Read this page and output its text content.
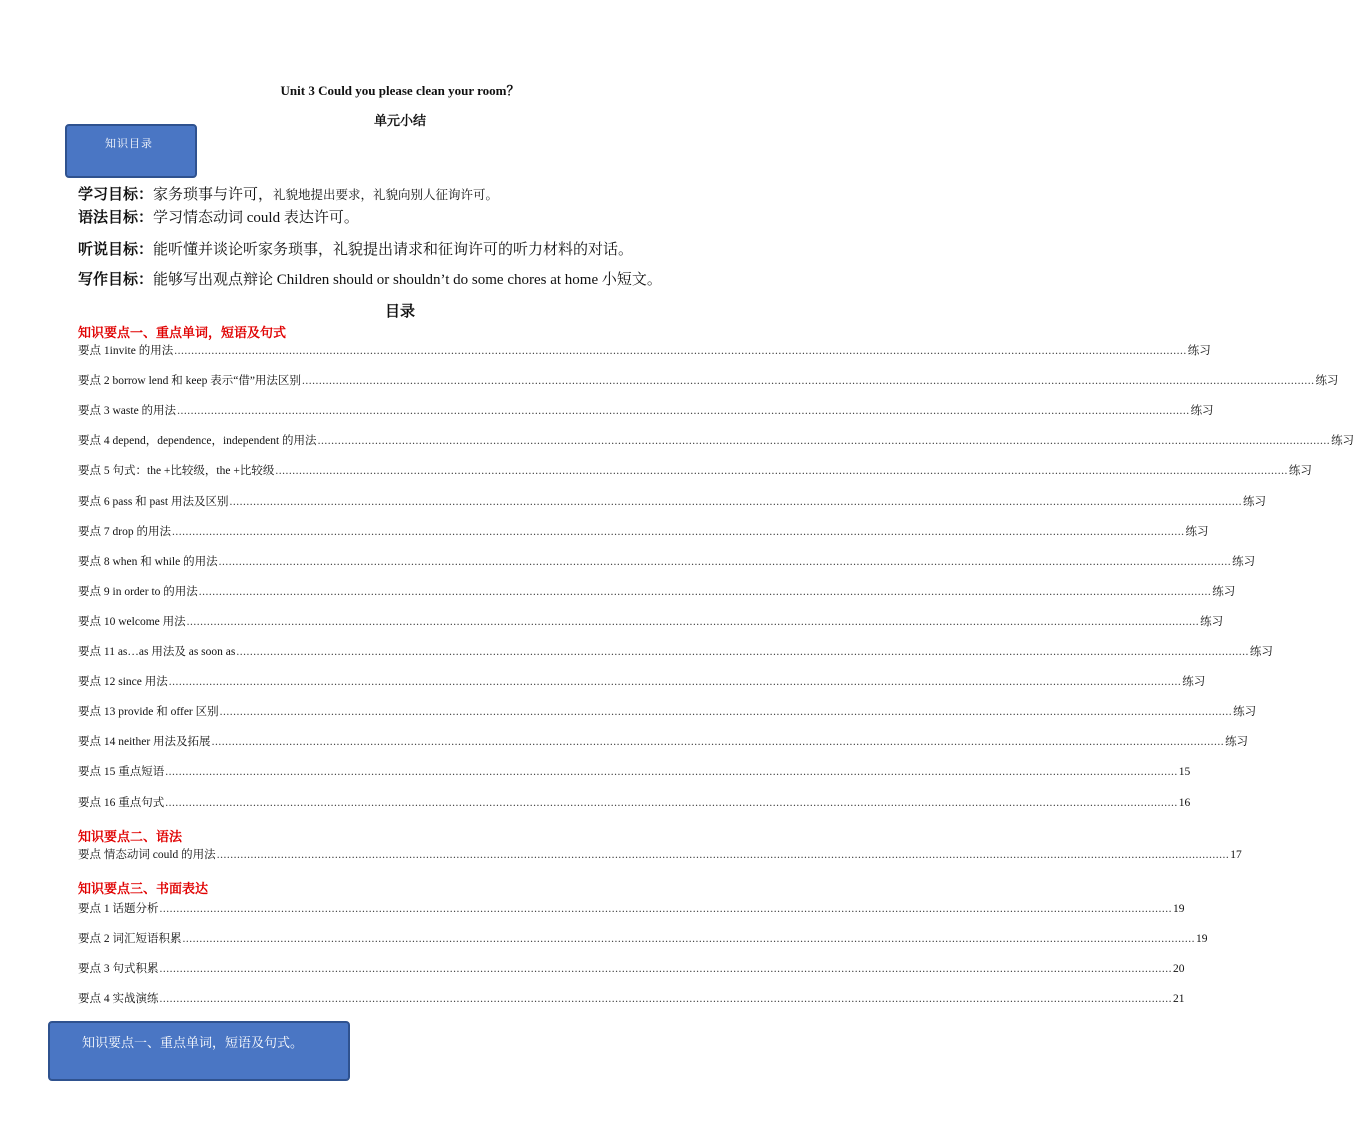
Unit 3 Could you please clean your room？
单元小结
知识目录
学习目标：家务琐事与许可，礼貌地提出要求，礼貌向别人征询许可。
语法目标：学习情态动词 could 表达许可。
听说目标：能听懂并谈论听家务琐事，礼貌提出请求和征询许可的听力材料的对话。
写作目标：能够写出观点辩论 Children should or shouldn’t do some chores at home 小短文。
目录
知识要点一、重点单词，短语及句式
要点 1invite 的用法 ............................................................................................................................................................................................................................................................................................................ 练习
要点 2 borrow lend 和 keep 表示“借”用法区别 ............................................................................................................................................................................................................................................................................................................ 练习
要点 3 waste 的用法 ............................................................................................................................................................................................................................................................................................................ 练习
要点 4 depend，dependence，independent 的用法 ............................................................................................................................................................................................................................................................................................................ 练习
要点 5 句式：the +比较级，the +比较级 ............................................................................................................................................................................................................................................................................................................ 练习
要点 6 pass 和 past 用法及区别 ............................................................................................................................................................................................................................................................................................................ 练习
要点 7 drop 的用法 ............................................................................................................................................................................................................................................................................................................ 练习
要点 8 when 和 while 的用法 ............................................................................................................................................................................................................................................................................................................ 练习
要点 9 in order to 的用法 ............................................................................................................................................................................................................................................................................................................ 练习
要点 10 welcome 用法 ............................................................................................................................................................................................................................................................................................................ 练习
要点 11 as…as 用法及 as soon as ............................................................................................................................................................................................................................................................................................................ 练习
要点 12 since 用法 ............................................................................................................................................................................................................................................................................................................ 练习
要点 13 provide 和 offer 区别 ............................................................................................................................................................................................................................................................................................................ 练习
要点 14 neither 用法及拓展 ............................................................................................................................................................................................................................................................................................................ 练习
要点 15 重点短语 ............................................................................................................................................................................................................................................................................................................ 15
要点 16 重点句式 ............................................................................................................................................................................................................................................................................................................ 16
知识要点二、语法
要点 情态动词 could 的用法 ............................................................................................................................................................................................................................................................................................................ 17
知识要点三、书面表达
要点 1 话题分析 ............................................................................................................................................................................................................................................................................................................ 19
要点 2 词汇短语积累 ............................................................................................................................................................................................................................................................................................................ 19
要点 3 句式积累 ............................................................................................................................................................................................................................................................................................................ 20
要点 4 实战演练 ............................................................................................................................................................................................................................................................................................................ 21
知识要点一、重点单词，短语及句式。
